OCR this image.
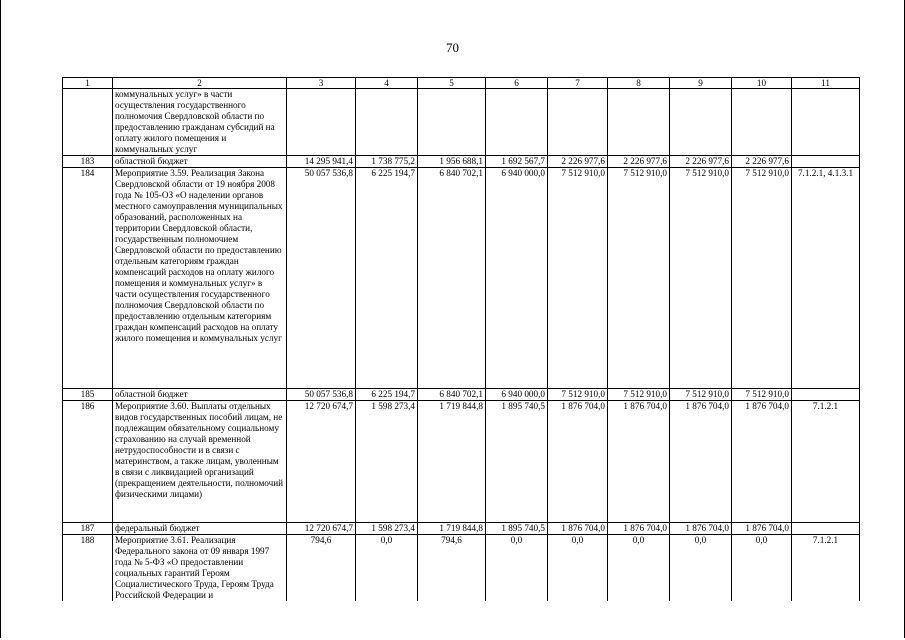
70
1	2	3	4	5	6	7	8	9	10	11
	коммунальных услуг» в части осуществления государственного полномочия Свердловской области по предоставлению гражданам субсидий на оплату жилого помещения и коммунальных услуг									
183	областной бюджет	14 295 941,4	1 738 775,2	1 956 688,1	1 692 567,7	2 226 977,6	2 226 977,6	2 226 977,6	2 226 977,6	
184	Мероприятие 3.59. Реализация Закона Свердловской области от 19 ноября 2008 года № 105-ОЗ «О наделении органов местного самоуправления муниципальных образований, расположенных на территории Свердловской области, государственным полномочием Свердловской области по предоставлению отдельным категориям граждан компенсаций расходов на оплату жилого помещения и коммунальных услуг» в части осуществления государственного полномочия Свердловской области по предоставлению отдельным категориям граждан компенсаций расходов на оплату жилого помещения и коммунальных услуг	50 057 536,8	6 225 194,7	6 840 702,1	6 940 000,0	7 512 910,0	7 512 910,0	7 512 910,0	7 512 910,0	7.1.2.1, 4.1.3.1
185	областной бюджет	50 057 536,8	6 225 194,7	6 840 702,1	6 940 000,0	7 512 910,0	7 512 910,0	7 512 910,0	7 512 910,0	
186	Мероприятие 3.60. Выплаты отдельных видов государственных пособий лицам, не подлежащим обязательному социальному страхованию на случай временной нетрудоспособности и в связи с материнством, а также лицам, уволенным в связи с ликвидацией организаций (прекращением деятельности, полномочий физическими лицами)	12 720 674,7	1 598 273,4	1 719 844,8	1 895 740,5	1 876 704,0	1 876 704,0	1 876 704,0	1 876 704,0	7.1.2.1
187	федеральный бюджет	12 720 674,7	1 598 273,4	1 719 844,8	1 895 740,5	1 876 704,0	1 876 704,0	1 876 704,0	1 876 704,0	
188	Мероприятие 3.61. Реализация Федерального закона от 09 января 1997 года № 5-ФЗ «О предоставлении социальных гарантий Героям Социалистического Труда, Героям Труда Российской Федерации и	794,6	0,0	794,6	0,0	0,0	0,0	0,0	0,0	7.1.2.1
